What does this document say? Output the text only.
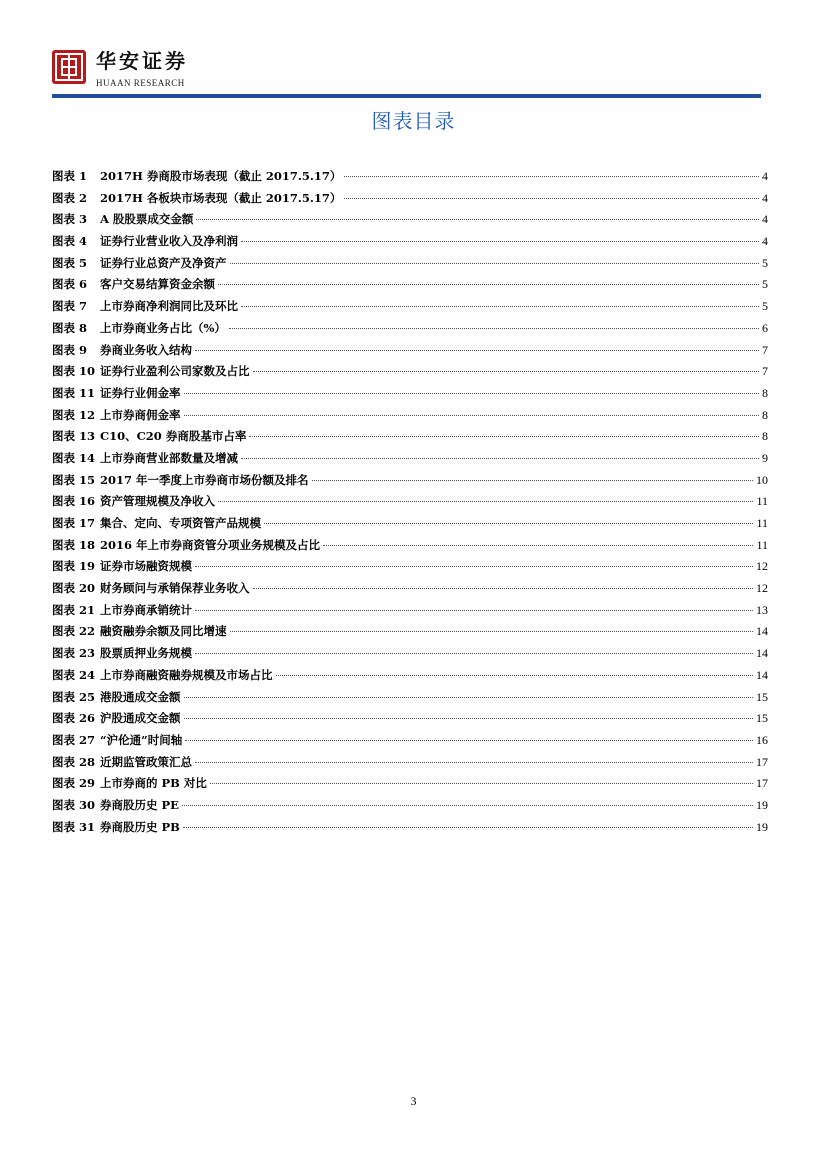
华安证券
HUAAN RESEARCH
图表目录
图表 1	2017H 券商股市场表现（截止 2017.5.17）	4
图表 2	2017H 各板块市场表现（截止 2017.5.17）	4
图表 3	A 股股票成交金额	4
图表 4	证券行业营业收入及净利润	4
图表 5	证券行业总资产及净资产	5
图表 6	客户交易结算资金余额	5
图表 7	上市券商净利润同比及环比	5
图表 8	上市券商业务占比（%）	6
图表 9	券商业务收入结构	7
图表 10 证券行业盈利公司家数及占比	7
图表 11 证券行业佣金率	8
图表 12 上市券商佣金率	8
图表 13 C10、C20 券商股基市占率	8
图表 14 上市券商营业部数量及增减	9
图表 15 2017 年一季度上市券商市场份额及排名	10
图表 16 资产管理规模及净收入	11
图表 17 集合、定向、专项资管产品规模	11
图表 18 2016 年上市券商资管分项业务规模及占比	11
图表 19 证券市场融资规模	12
图表 20 财务顾问与承销保荐业务收入	12
图表 21 上市券商承销统计	13
图表 22 融资融券余额及同比增速	14
图表 23 股票质押业务规模	14
图表 24 上市券商融资融券规模及市场占比	14
图表 25 港股通成交金额	15
图表 26 沪股通成交金额	15
图表 27 “沪伦通”时间轴	16
图表 28 近期监管政策汇总	17
图表 29 上市券商的 PB 对比	17
图表 30 券商股历史 PE	19
图表 31 券商股历史 PB	19
3
